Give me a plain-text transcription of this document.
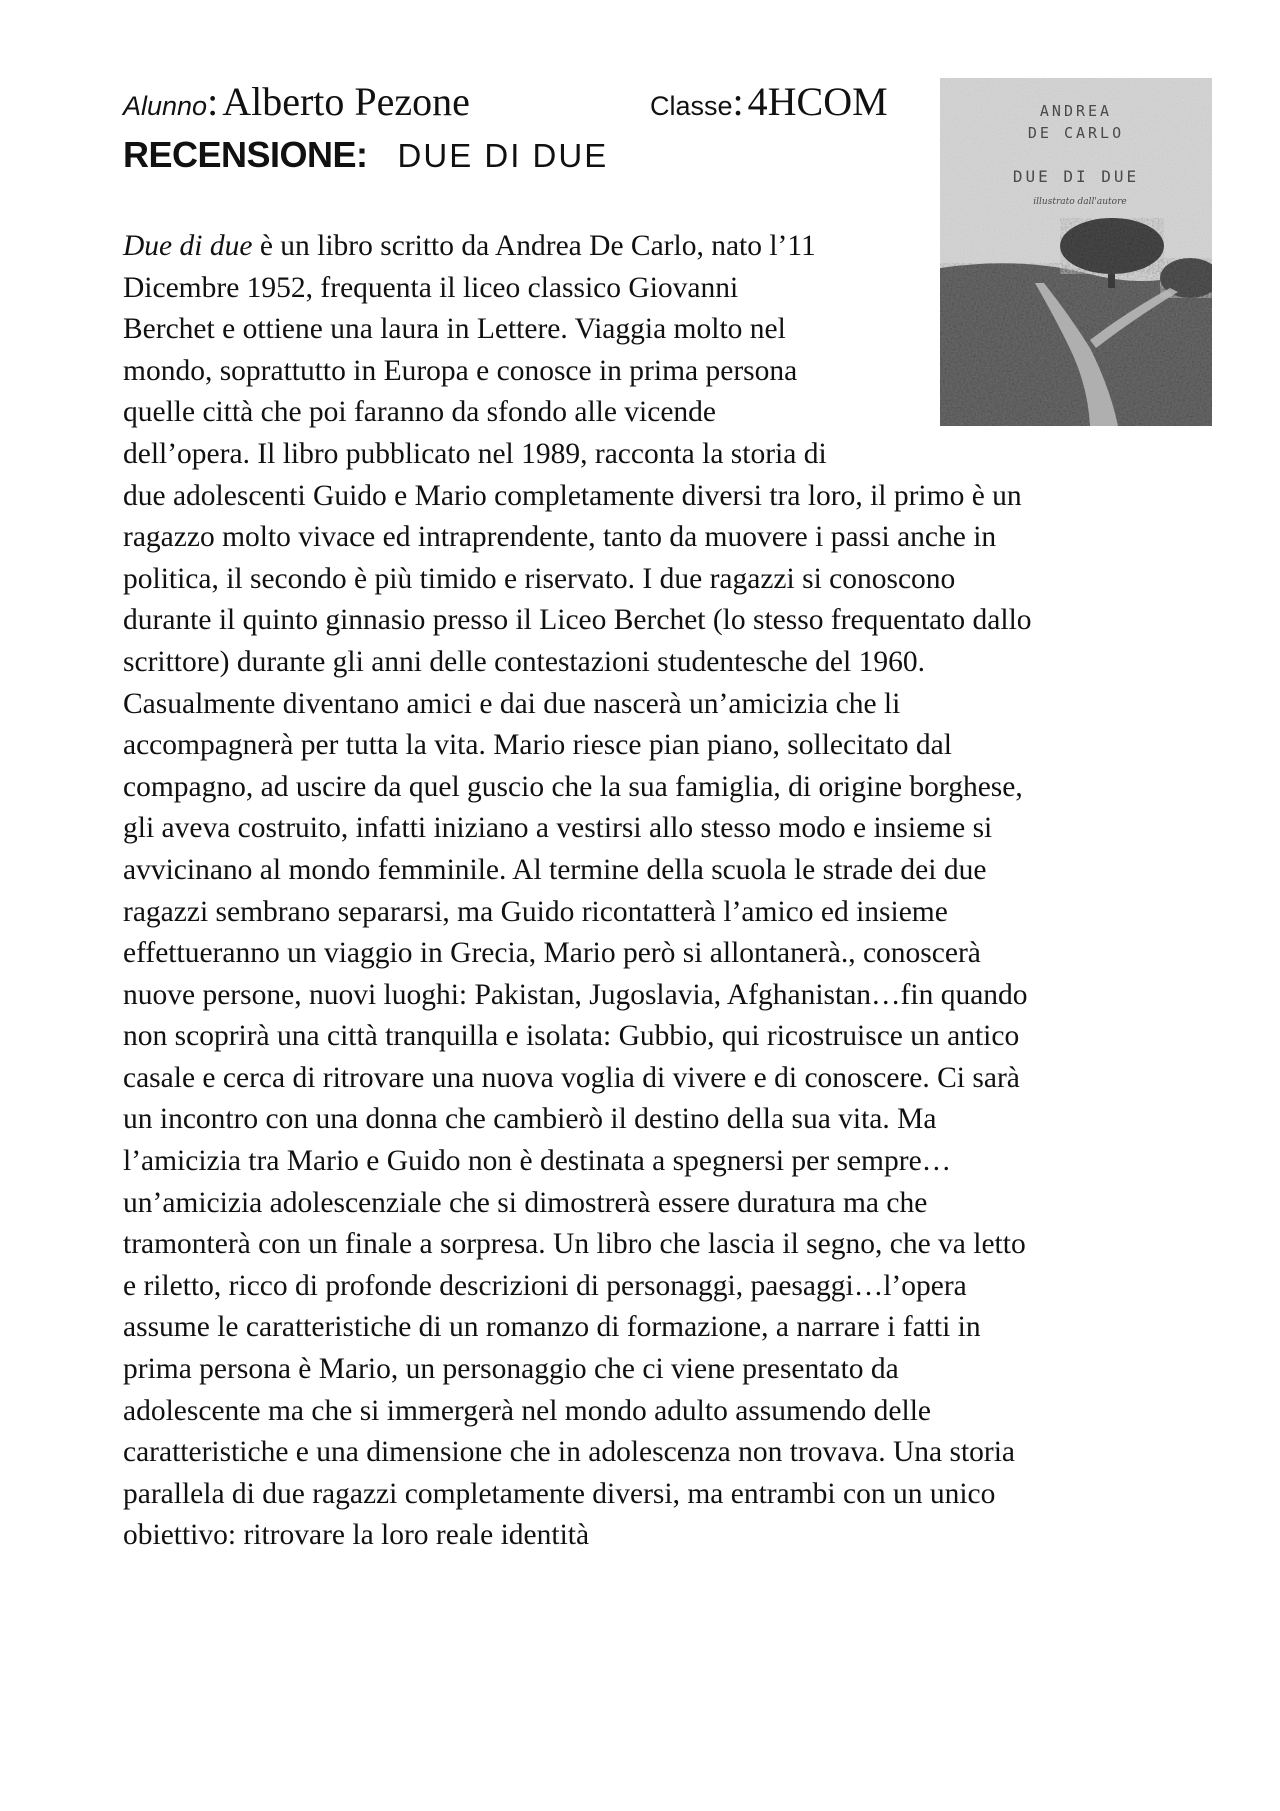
Alunno: Alberto Pezone	Classe: 4HCOM
RECENSIONE: DUE DI DUE
ANDREA
DE CARLO
DUE DI DUE
illustrato dall'autore
Due di due è un libro scritto da Andrea De Carlo, nato l’11
Dicembre 1952, frequenta il liceo classico Giovanni
Berchet e ottiene una laura in Lettere. Viaggia molto nel
mondo, soprattutto in Europa e conosce in prima persona
quelle città che poi faranno da sfondo alle vicende
dell’opera. Il libro pubblicato nel 1989, racconta la storia di
due adolescenti Guido e Mario completamente diversi tra loro, il primo è un
ragazzo molto vivace ed intraprendente, tanto da muovere i passi anche in
politica, il secondo è più timido e riservato. I due ragazzi si conoscono
durante il quinto ginnasio presso il Liceo Berchet (lo stesso frequentato dallo
scrittore) durante gli anni delle contestazioni studentesche del 1960.
Casualmente diventano amici e dai due nascerà un’amicizia che li
accompagnerà per tutta la vita. Mario riesce pian piano, sollecitato dal
compagno, ad uscire da quel guscio che la sua famiglia, di origine borghese,
gli aveva costruito, infatti iniziano a vestirsi allo stesso modo e insieme si
avvicinano al mondo femminile. Al termine della scuola le strade dei due
ragazzi sembrano separarsi, ma Guido ricontatterà l’amico ed insieme
effettueranno un viaggio in Grecia, Mario però si allontanerà., conoscerà
nuove persone, nuovi luoghi: Pakistan, Jugoslavia, Afghanistan…fin quando
non scoprirà una città tranquilla e isolata: Gubbio, qui ricostruisce un antico
casale e cerca di ritrovare una nuova voglia di vivere e di conoscere. Ci sarà
un incontro con una donna che cambierò il destino della sua vita. Ma
l’amicizia tra Mario e Guido non è destinata a spegnersi per sempre…
un’amicizia adolescenziale che si dimostrerà essere duratura ma che
tramonterà con un finale a sorpresa. Un libro che lascia il segno, che va letto
e riletto, ricco di profonde descrizioni di personaggi, paesaggi…l’opera
assume le caratteristiche di un romanzo di formazione, a narrare i fatti in
prima persona è Mario, un personaggio che ci viene presentato da
adolescente ma che si immergerà nel mondo adulto assumendo delle
caratteristiche e una dimensione che in adolescenza non trovava. Una storia
parallela di due ragazzi completamente diversi, ma entrambi con un unico
obiettivo: ritrovare la loro reale identità
